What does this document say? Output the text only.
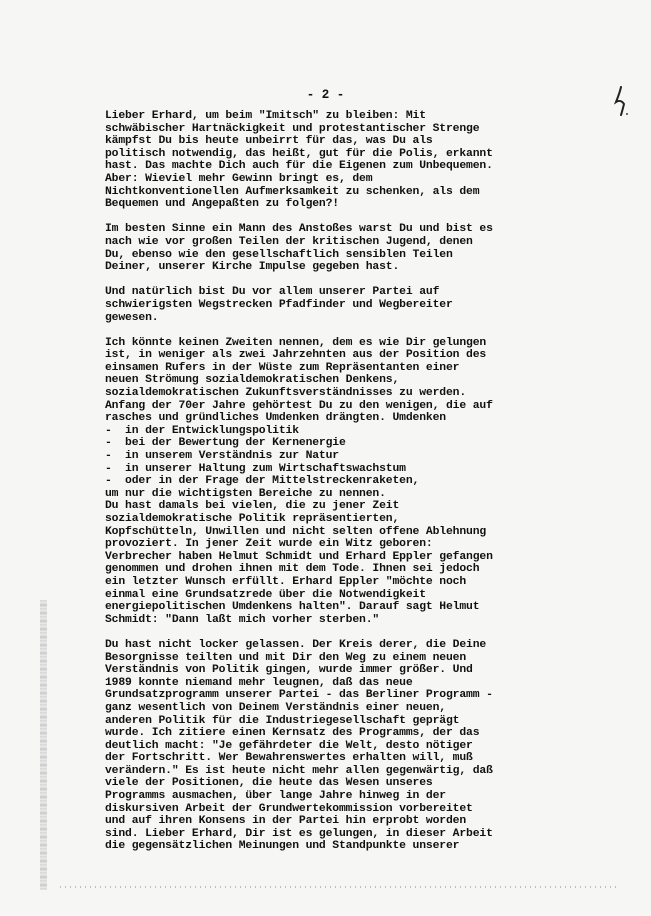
- 2 -
Lieber Erhard, um beim "Imitsch" zu bleiben: Mit
schwäbischer Hartnäckigkeit und protestantischer Strenge
kämpfst Du bis heute unbeirrt für das, was Du als
politisch notwendig, das heißt, gut für die Polis, erkannt
hast. Das machte Dich auch für die Eigenen zum Unbequemen.
Aber: Wieviel mehr Gewinn bringt es, dem
Nichtkonventionellen Aufmerksamkeit zu schenken, als dem
Bequemen und Angepaßten zu folgen?!
Im besten Sinne ein Mann des Anstoßes warst Du und bist es
nach wie vor großen Teilen der kritischen Jugend, denen
Du, ebenso wie den gesellschaftlich sensiblen Teilen
Deiner, unserer Kirche Impulse gegeben hast.
Und natürlich bist Du vor allem unserer Partei auf
schwierigsten Wegstrecken Pfadfinder und Wegbereiter
gewesen.
Ich könnte keinen Zweiten nennen, dem es wie Dir gelungen
ist, in weniger als zwei Jahrzehnten aus der Position des
einsamen Rufers in der Wüste zum Repräsentanten einer
neuen Strömung sozialdemokratischen Denkens,
sozialdemokratischen Zukunftsverständnisses zu werden.
Anfang der 70er Jahre gehörtest Du zu den wenigen, die auf
rasches und gründliches Umdenken drängten. Umdenken
-  in der Entwicklungspolitik
-  bei der Bewertung der Kernenergie
-  in unserem Verständnis zur Natur
-  in unserer Haltung zum Wirtschaftswachstum
-  oder in der Frage der Mittelstreckenraketen,
um nur die wichtigsten Bereiche zu nennen.
Du hast damals bei vielen, die zu jener Zeit
sozialdemokratische Politik repräsentierten,
Kopfschütteln, Unwillen und nicht selten offene Ablehnung
provoziert. In jener Zeit wurde ein Witz geboren:
Verbrecher haben Helmut Schmidt und Erhard Eppler gefangen
genommen und drohen ihnen mit dem Tode. Ihnen sei jedoch
ein letzter Wunsch erfüllt. Erhard Eppler "möchte noch
einmal eine Grundsatzrede über die Notwendigkeit
energiepolitischen Umdenkens halten". Darauf sagt Helmut
Schmidt: "Dann laßt mich vorher sterben."
Du hast nicht locker gelassen. Der Kreis derer, die Deine
Besorgnisse teilten und mit Dir den Weg zu einem neuen
Verständnis von Politik gingen, wurde immer größer. Und
1989 konnte niemand mehr leugnen, daß das neue
Grundsatzprogramm unserer Partei - das Berliner Programm -
ganz wesentlich von Deinem Verständnis einer neuen,
anderen Politik für die Industriegesellschaft geprägt
wurde. Ich zitiere einen Kernsatz des Programms, der das
deutlich macht: "Je gefährdeter die Welt, desto nötiger
der Fortschritt. Wer Bewahrenswertes erhalten will, muß
verändern." Es ist heute nicht mehr allen gegenwärtig, daß
viele der Positionen, die heute das Wesen unseres
Programms ausmachen, über lange Jahre hinweg in der
diskursiven Arbeit der Grundwertekommission vorbereitet
und auf ihren Konsens in der Partei hin erprobt worden
sind. Lieber Erhard, Dir ist es gelungen, in dieser Arbeit
die gegensätzlichen Meinungen und Standpunkte unserer
